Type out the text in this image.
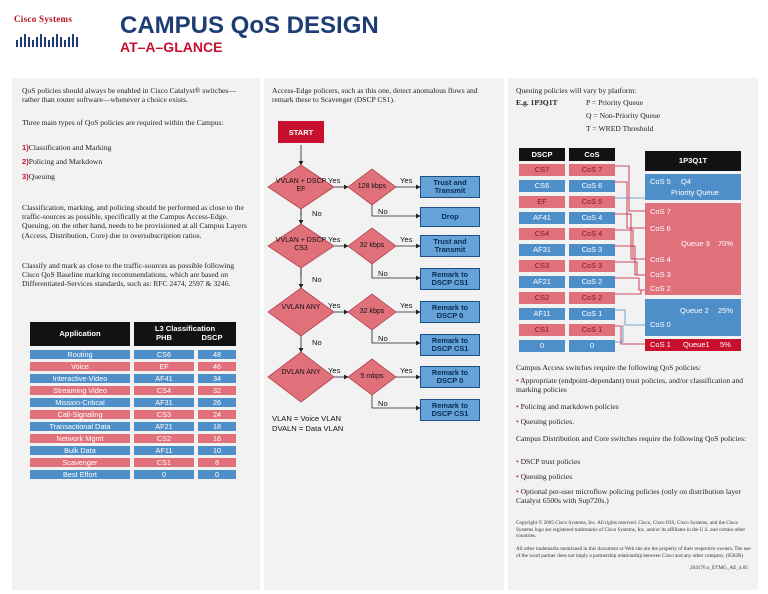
Cisco Systems CAMPUS QoS DESIGN
AT–A–GLANCE
QoS policies should always be enabled in Cisco Catalyst® switches—rather than router software—whenever a choice exists.
Three main types of QoS policies are required within the Campus:
1)Classification and Marking
2)Policing and Markdown
3)Queuing
Classification, marking, and policing should be performed as close to the traffic-sources as possible, specifically at the Campus Access-Edge. Queuing, on the other hand, needs to be provisioned at all Campus Layers (Access, Distribution, Core) due to oversubscription ratios.
Classify and mark as close to the traffic-sources as possible following Cisco QoS Baseline marking recommendations, which are based on Differentiated-Services standards, such as: RFC 2474, 2597 & 3246.
Application
L3 Classification
PHB	DSCP
Routing	CS6	48
Voice	EF	46
Interactive-Video	AF41	34
Streaming Video	CS4	32
Mission-Critical	AF31	26
Call-Signaling	CS3	24
Transactional Data	AF21	18
Network Mgmt	CS2	16
Bulk Data	AF11	10
Scavenger	CS1	8
Best Effort	0	0
Access-Edge policers, such as this one, detect anomalous flows and remark these to Scavenger (DSCP CS1).
START
VVLAN + DSCP EF
VVLAN + DSCP CS3
VVLAN ANY
DVLAN ANY
128 kbps
32 kbps
32 kbps
5 mbps
Trust and Transmit
Drop
Trust and Transmit
Remark to DSCP CS1
Remark to DSCP 0
Remark to DSCP CS1
Remark to DSCP 0
Remark to DSCP CS1
Yes	Yes
No	No
Yes	Yes
No
No
Yes	Yes
No	No
Yes	Yes
No
VLAN = Voice VLAN
DVALN = Data VLAN
Queuing policies will vary by platform:
E.g. 1P3Q1T	P = Priority Queue
Q = Non-Priority Queue
T = WRED Threshold
DSCP	CoS
1P3Q1T
CS7	CoS 7
CS6	CoS 6
EF	CoS 5
AF41	CoS 4
CS4	CoS 4
AF31	CoS 3
CS3	CoS 3
AF21	CoS 2
CS2	CoS 2
AF11	CoS 1
CS1	CoS 1
0	0
CoS 5 Q4
Priority Queue
CoS 7
CoS 6
Queue 3 70%
CoS 4
CoS 3
CoS 2
Queue 2 25%
CoS 0
CoS 1 Queue1 5%
Campus Access switches require the following QoS policies:
• Appropriate (endpoint-dependant) trust policies, and/or classification and marking policies
• Policing and markdown policies
• Queuing policies.
Campus Distribution and Core switches require the following QoS policies:
• DSCP trust policies
• Queuing policies
• Optional per-user microflow policing policies (only on distribution layer Catalyst 6500s with Sup720s.)
Copyright © 2005 Cisco Systems, Inc. All rights reserved. Cisco, Cisco IOS, Cisco Systems, and the Cisco Systems logo are registered trademarks of Cisco Systems, Inc. and/or its affiliates in the U.S. and certain other countries.
All other trademarks mentioned in this document or Web site are the property of their respective owners. The use of the word partner does not imply a partnership relationship between Cisco and any other company. (0502R)
204170.o_ETMG_AE_4.05
